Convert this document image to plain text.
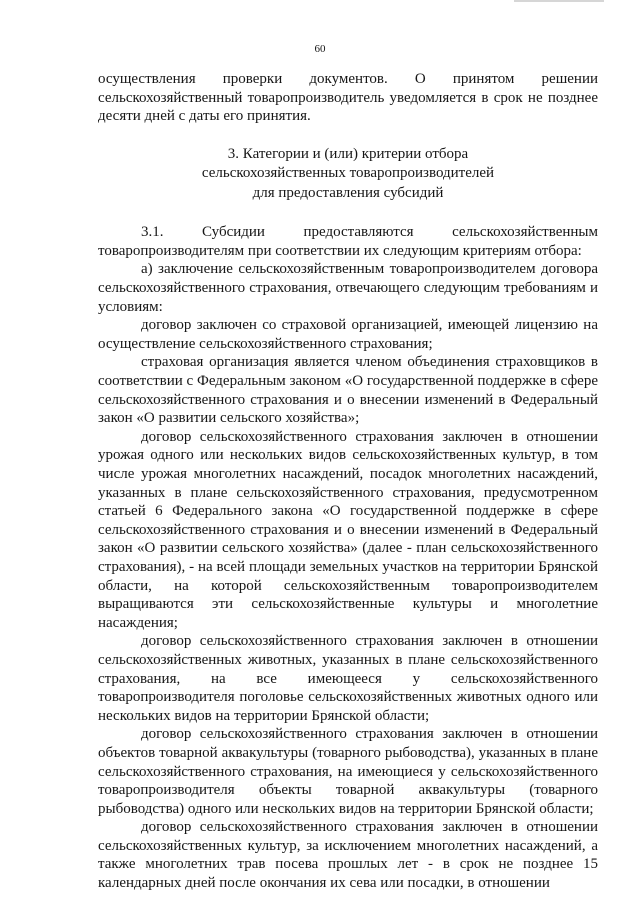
60

осуществления проверки документов. О принятом решении сельскохозяйственный товаропроизводитель уведомляется в срок не позднее десяти дней с даты его принятия.

3. Категории и (или) критерии отбора
сельскохозяйственных товаропроизводителей
для предоставления субсидий

3.1. Субсидии предоставляются сельскохозяйственным товаропроизводителям при соответствии их следующим критериям отбора:

а) заключение сельскохозяйственным товаропроизводителем договора сельскохозяйственного страхования, отвечающего следующим требованиям и условиям:

договор заключен со страховой организацией, имеющей лицензию на осуществление сельскохозяйственного страхования;

страховая организация является членом объединения страховщиков в соответствии с Федеральным законом «О государственной поддержке в сфере сельскохозяйственного страхования и о внесении изменений в Федеральный закон «О развитии сельского хозяйства»;

договор сельскохозяйственного страхования заключен в отношении урожая одного или нескольких видов сельскохозяйственных культур, в том числе урожая многолетних насаждений, посадок многолетних насаждений, указанных в плане сельскохозяйственного страхования, предусмотренном статьей 6 Федерального закона «О государственной поддержке в сфере сельскохозяйственного страхования и о внесении изменений в Федеральный закон «О развитии сельского хозяйства» (далее - план сельскохозяйственного страхования), - на всей площади земельных участков на территории Брянской области, на которой сельскохозяйственным товаропроизводителем выращиваются эти сельскохозяйственные культуры и многолетние насаждения;

договор сельскохозяйственного страхования заключен в отношении сельскохозяйственных животных, указанных в плане сельскохозяйственного страхования, на все имеющееся у сельскохозяйственного товаропроизводителя поголовье сельскохозяйственных животных одного или нескольких видов на территории Брянской области;

договор сельскохозяйственного страхования заключен в отношении объектов товарной аквакультуры (товарного рыбоводства), указанных в плане сельскохозяйственного страхования, на имеющиеся у сельскохозяйственного товаропроизводителя объекты товарной аквакультуры (товарного рыбоводства) одного или нескольких видов на территории Брянской области;

договор сельскохозяйственного страхования заключен в отношении сельскохозяйственных культур, за исключением многолетних насаждений, а также многолетних трав посева прошлых лет - в срок не позднее 15 календарных дней после окончания их сева или посадки, в отношении
